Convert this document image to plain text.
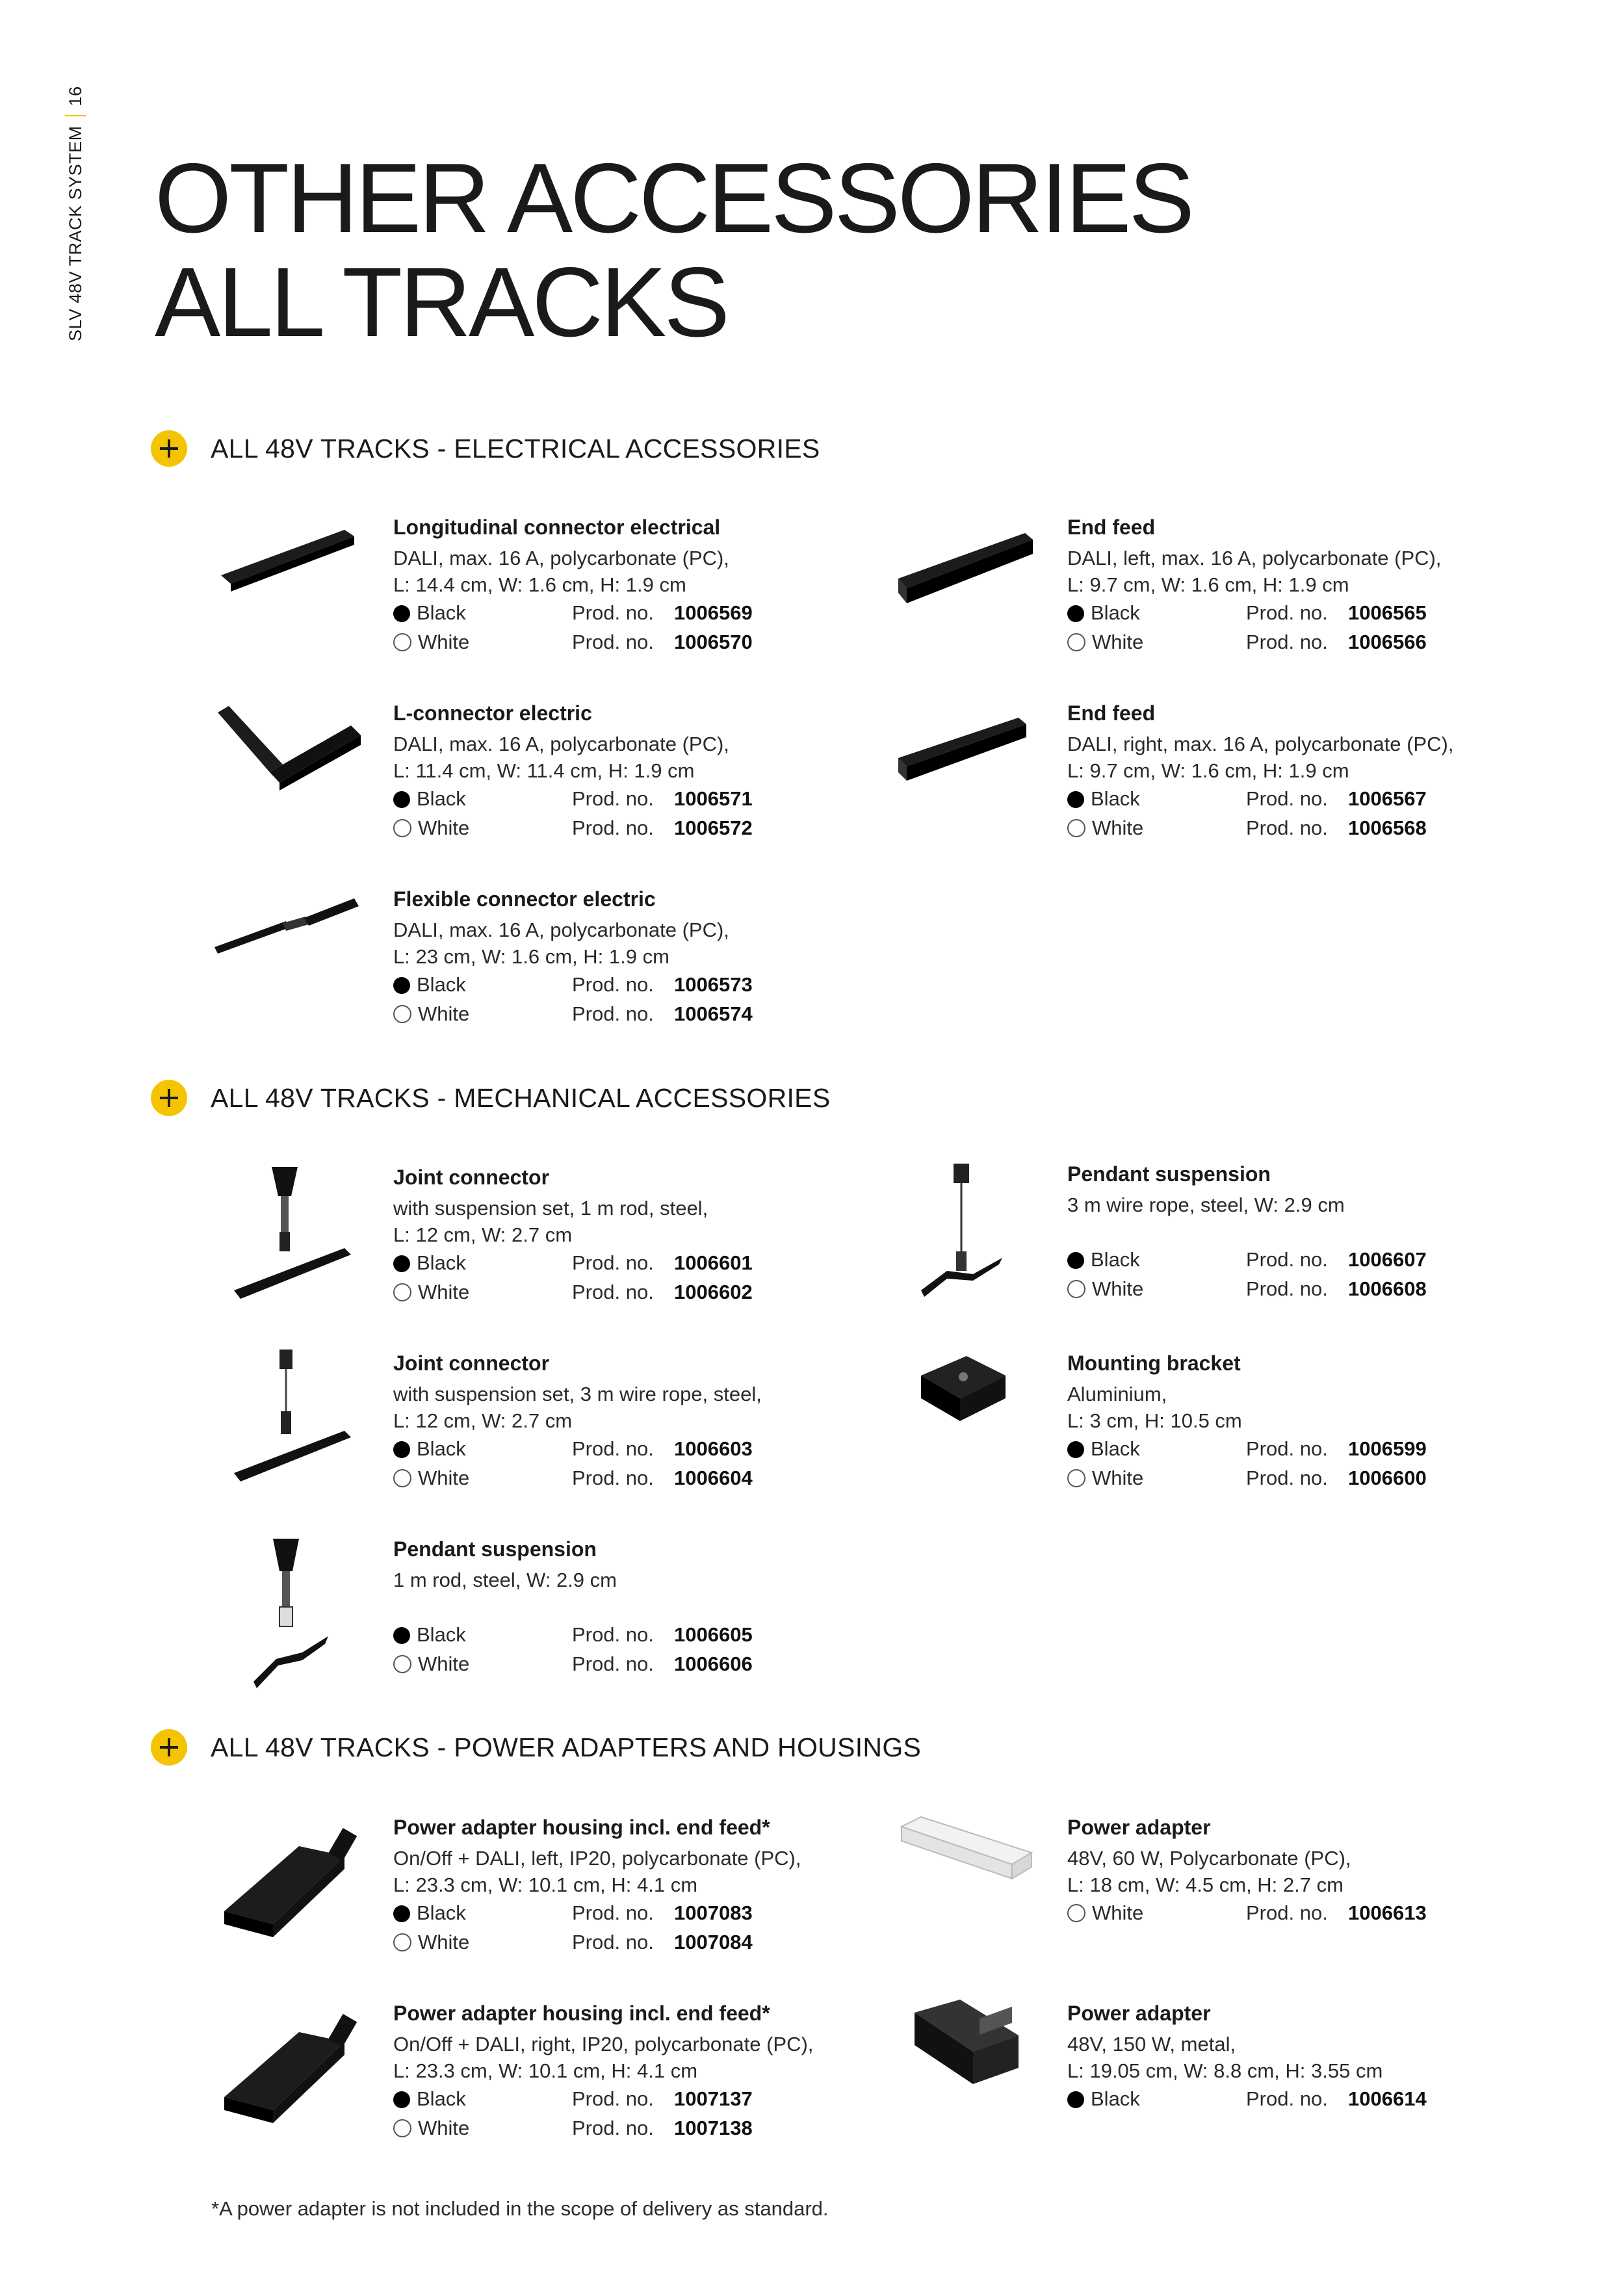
SLV 48V TRACK SYSTEM
16
OTHER ACCESSORIES
ALL TRACKS
ALL 48V TRACKS - ELECTRICAL ACCESSORIES
ALL 48V TRACKS - MECHANICAL ACCESSORIES
ALL 48V TRACKS - POWER ADAPTERS AND HOUSINGS
Longitudinal connector electrical
DALI, max. 16 A, polycarbonate (PC),
L: 14.4 cm, W: 1.6 cm, H: 1.9 cm
Black	Prod. no. 1006569
White	Prod. no. 1006570
End feed
DALI, left, max. 16 A, polycarbonate (PC),
L: 9.7 cm, W: 1.6 cm, H: 1.9 cm
Black	Prod. no. 1006565
White	Prod. no. 1006566
L-connector electric
DALI, max. 16 A, polycarbonate (PC),
L: 11.4 cm, W: 11.4 cm, H: 1.9 cm
Black	Prod. no. 1006571
White	Prod. no. 1006572
End feed
DALI, right, max. 16 A, polycarbonate (PC),
L: 9.7 cm, W: 1.6 cm, H: 1.9 cm
Black	Prod. no. 1006567
White	Prod. no. 1006568
Flexible connector electric
DALI, max. 16 A, polycarbonate (PC),
L: 23 cm, W: 1.6 cm, H: 1.9 cm
Black	Prod. no. 1006573
White	Prod. no. 1006574
Joint connector
with suspension set, 1 m rod, steel,
L: 12 cm, W: 2.7 cm
Black	Prod. no. 1006601
White	Prod. no. 1006602
Pendant suspension
3 m wire rope, steel, W: 2.9 cm
Black	Prod. no. 1006607
White	Prod. no. 1006608
Joint connector
with suspension set, 3 m wire rope, steel,
L: 12 cm, W: 2.7 cm
Black	Prod. no. 1006603
White	Prod. no. 1006604
Mounting bracket
Aluminium,
L: 3 cm, H: 10.5 cm
Black	Prod. no. 1006599
White	Prod. no. 1006600
Pendant suspension
1 m rod, steel, W: 2.9 cm
Black	Prod. no. 1006605
White	Prod. no. 1006606
Power adapter housing incl. end feed*
On/Off + DALI, left, IP20, polycarbonate (PC),
L: 23.3 cm, W: 10.1 cm, H: 4.1 cm
Black	Prod. no. 1007083
White	Prod. no. 1007084
Power adapter
48V, 60 W, Polycarbonate (PC),
L: 18 cm, W: 4.5 cm, H: 2.7 cm
White	Prod. no. 1006613
Power adapter housing incl. end feed*
On/Off + DALI, right, IP20, polycarbonate (PC),
L: 23.3 cm, W: 10.1 cm, H: 4.1 cm
Black	Prod. no. 1007137
White	Prod. no. 1007138
Power adapter
48V, 150 W, metal,
L: 19.05 cm, W: 8.8 cm, H: 3.55 cm
Black	Prod. no. 1006614
*A power adapter is not included in the scope of delivery as standard.
